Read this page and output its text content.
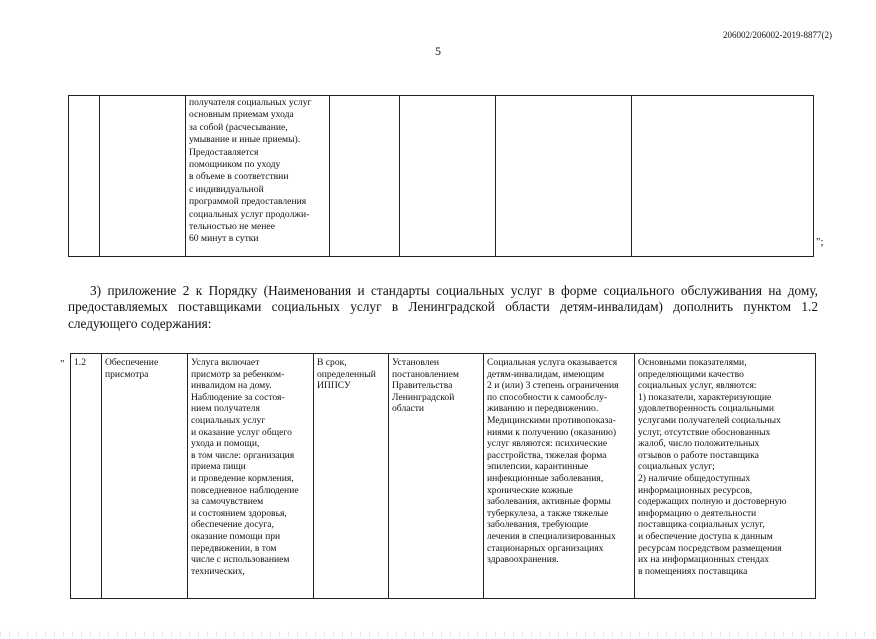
206002/206002-2019-8877(2)
5
		получателя социальных услуг
основным приемам ухода
за собой (расчесывание,
умывание и иные приемы).
Предоставляется
помощником по уходу
в объеме в соответствии
с индивидуальной
программой предоставления
социальных услуг продолжи-
тельностью не менее
60 минут в сутки					";
3) приложение 2 к Порядку (Наименования и стандарты социальных услуг в форме социального обслуживания на дому, предоставляемых поставщиками социальных услуг в Ленинградской области детям-инвалидам) дополнить пунктом 1.2 следующего содержания:
" 1.2	Обеспечение
присмотра	Услуга включает
присмотр за ребенком-
инвалидом на дому.
Наблюдение за состоя-
нием получателя
социальных услуг
и оказание услуг общего
ухода и помощи,
в том числе: организация
приема пищи
и проведение кормления,
повседневное наблюдение
за самочувствием
и состоянием здоровья,
обеспечение досуга,
оказание помощи при
передвижении, в том
числе с использованием
технических,	В срок,
определенный
ИППСУ	Установлен
постановлением
Правительства
Ленинградской
области	Социальная услуга оказывается
детям-инвалидам, имеющим
2 и (или) 3 степень ограничения
по способности к самообслу-
живанию и передвижению.
Медицинскими противопоказа-
ниями к получению (оказанию)
услуг являются: психические
расстройства, тяжелая форма
эпилепсии, карантинные
инфекционные заболевания,
хронические кожные
заболевания, активные формы
туберкулеза, а также тяжелые
заболевания, требующие
лечения в специализированных
стационарных организациях
здравоохранения.	Основными показателями,
определяющими качество
социальных услуг, являются:
1) показатели, характеризующие
удовлетворенность социальными
услугами получателей социальных
услуг, отсутствие обоснованных
жалоб, число положительных
отзывов о работе поставщика
социальных услуг;
2) наличие общедоступных
информационных ресурсов,
содержащих полную и достоверную
информацию о деятельности
поставщика социальных услуг,
и обеспечение доступа к данным
ресурсам посредством размещения
их на информационных стендах
в помещениях поставщика
